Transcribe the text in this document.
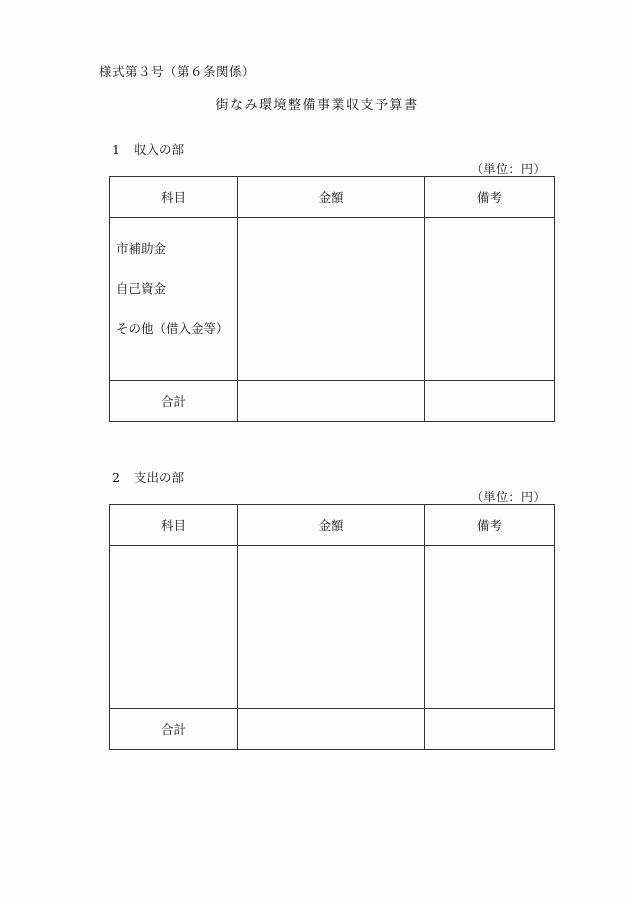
様式第３号（第６条関係）
街なみ環境整備事業収支予算書
1 収入の部
（単位：円）
科目	金額	備考

市補助金
自己資金
その他（借入金等）		

合計		
2 支出の部
（単位：円）
科目	金額	備考

合計		
